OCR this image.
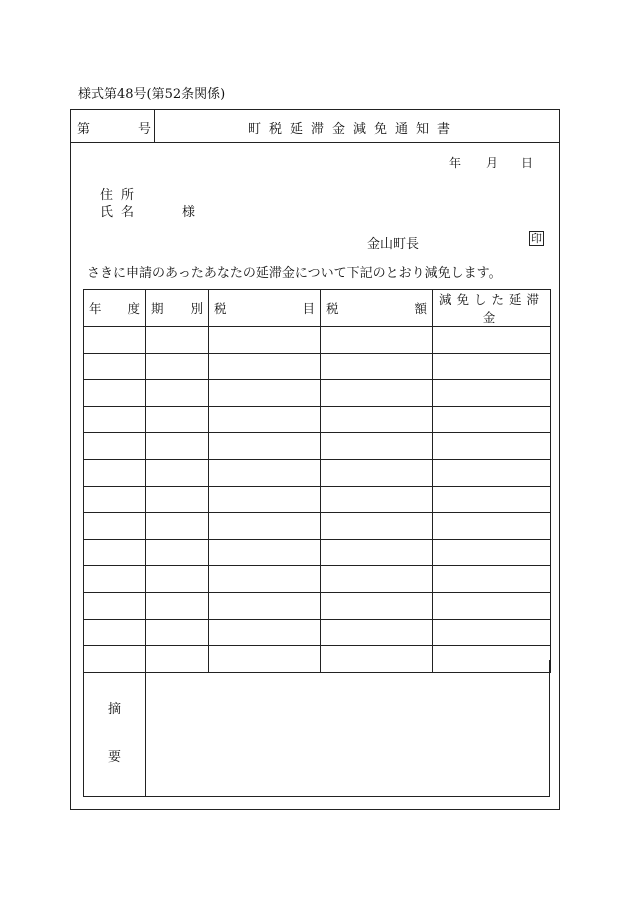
様式第48号(第52条関係)
第	号	町税延滞金減免通知書
年 月 日
住所
氏名	様
金山町長	印
さきに申請のあったあなたの延滞金について下記のとおり減免します。
年 度	期 別	税 目	税 額	減免した延滞金

摘
要
